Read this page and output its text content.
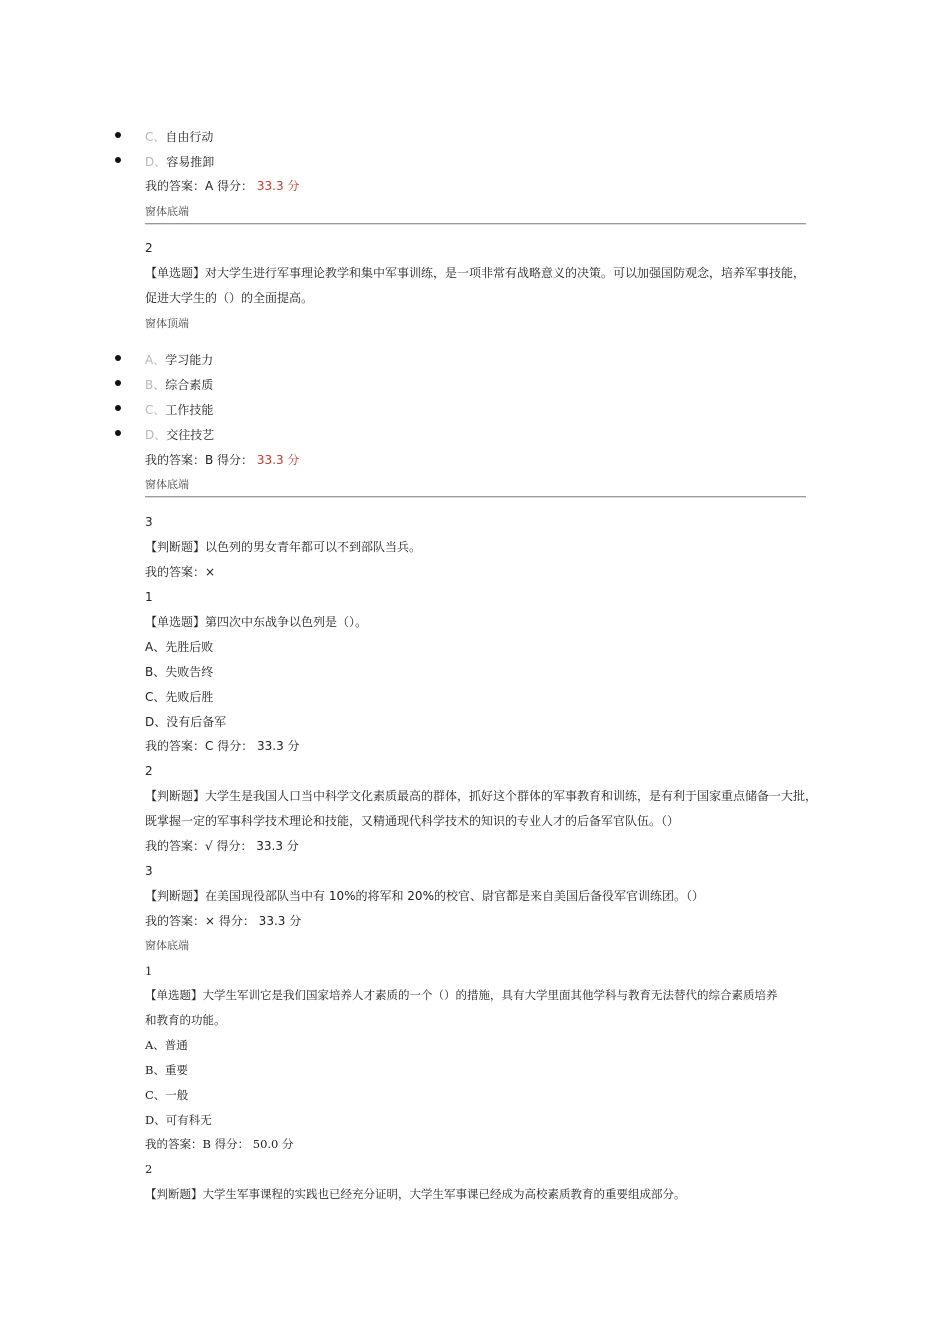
C、自由行动
D、容易推卸
我的答案：A 得分： 33.3 分
窗体底端
2
【单选题】对大学生进行军事理论教学和集中军事训练，是一项非常有战略意义的决策。可以加强国防观念，培养军事技能，
促进大学生的（）的全面提高。
窗体顶端
A、学习能力
B、综合素质
C、工作技能
D、交往技艺
我的答案：B 得分： 33.3 分
窗体底端
3
【判断题】以色列的男女青年都可以不到部队当兵。
我的答案：×
1
【单选题】第四次中东战争以色列是（）。
A、先胜后败
B、失败告终
C、先败后胜
D、没有后备军
我的答案：C 得分： 33.3 分
2
【判断题】大学生是我国人口当中科学文化素质最高的群体，抓好这个群体的军事教育和训练，是有利于国家重点储备一大批，
既掌握一定的军事科学技术理论和技能，又精通现代科学技术的知识的专业人才的后备军官队伍。（）
我的答案：√ 得分： 33.3 分
3
【判断题】在美国现役部队当中有 10%的将军和 20%的校官、尉官都是来自美国后备役军官训练团。（）
我的答案：× 得分： 33.3 分
窗体底端
1
【单选题】大学生军训它是我们国家培养人才素质的一个（）的措施，具有大学里面其他学科与教育无法替代的综合素质培养
和教育的功能。
A、普通
B、重要
C、一般
D、可有科无
我的答案：B 得分： 50.0 分
2
【判断题】大学生军事课程的实践也已经充分证明，大学生军事课已经成为高校素质教育的重要组成部分。
